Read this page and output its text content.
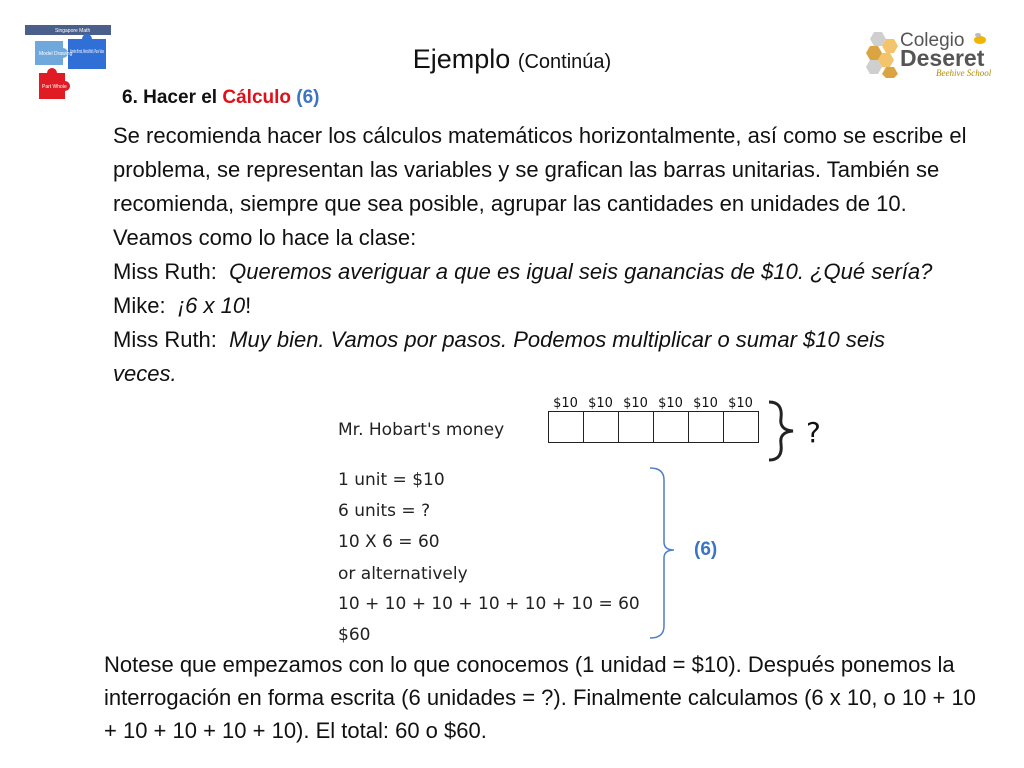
Singapore Math
Model Drawing
Number Bonds, Mental Math, Place Value
Part Whole
Ejemplo (Continúa)
Colegio
Deseret
Beehive School
6. Hacer el Cálculo (6)

Se recomienda hacer los cálculos matemáticos horizontalmente, así como se escribe el problema, se representan las variables y se grafican las barras unitarias. También se recomienda, siempre que sea posible, agrupar las cantidades en unidades de 10. Veamos como lo hace la clase:

Miss Ruth: Queremos averiguar a que es igual seis ganancias de $10. ¿Qué sería?

Mike: ¡6 x 10!

Miss Ruth: Muy bien. Vamos por pasos. Podemos multiplicar o sumar $10 seis veces.

Mr. Hobart's money
$10 $10 $10 $10 $10 $10
?
1 unit = $10
6 units = ?
10 X 6 = 60
or alternatively
10 + 10 + 10 + 10 + 10 + 10 = 60
$60
(6)
Notese que empezamos con lo que conocemos (1 unidad = $10). Después ponemos la interrogación en forma escrita (6 unidades = ?). Finalmente calculamos (6 x 10, o 10 + 10 + 10 + 10 + 10 + 10). El total: 60 o $60.
